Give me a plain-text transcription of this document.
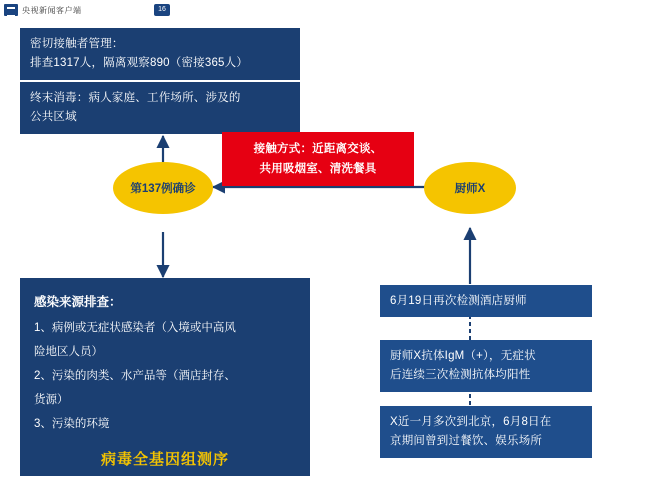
央视新闻客户端	16
密切接触者管理：
排查1317人，隔离观察890（密接365人）
终末消毒：病人家庭、工作场所、涉及的
公共区域
接触方式：近距离交谈、
共用吸烟室、清洗餐具
第137例确诊	厨师X
感染来源排查：
1、病例或无症状感染者（入境或中高风
险地区人员）
2、污染的肉类、水产品等（酒店封存、
货源）
3、污染的环境
病毒全基因组测序
6月19日再次检测酒店厨师
厨师X抗体IgM（+），无症状
后连续三次检测抗体均阳性
X近一月多次到北京，6月8日在
京期间曾到过餐饮、娱乐场所
